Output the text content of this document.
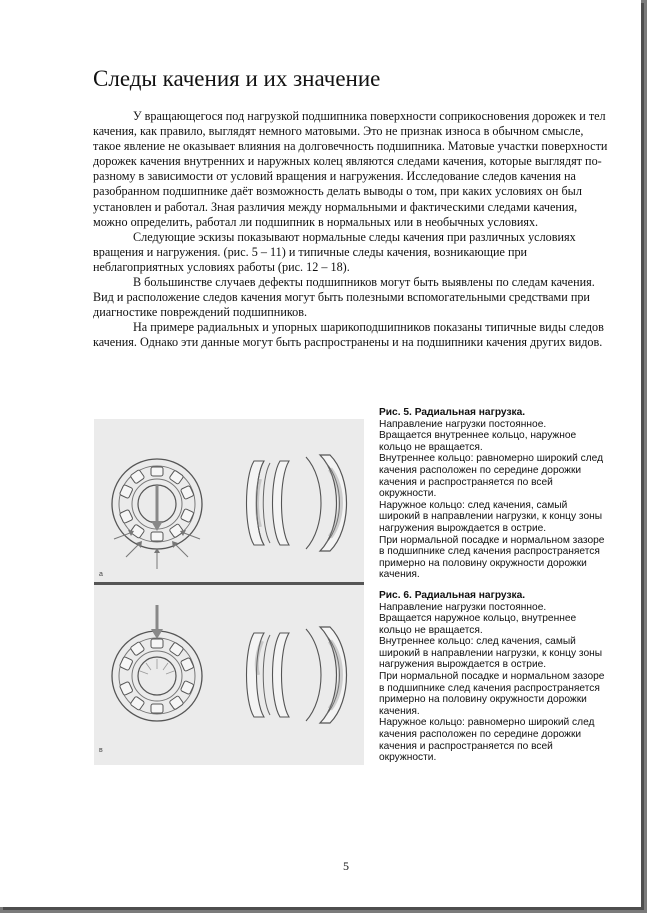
Следы качения и их значение

У вращающегося под нагрузкой подшипника поверхности соприкосновения дорожек и тел качения, как правило, выглядят немного матовыми. Это не признак износа в обычном смысле, такое явление не оказывает влияния на долговечность подшипника. Матовые участки поверхности дорожек качения внутренних и наружных колец являются следами качения, которые выглядят по-разному в зависимости от условий вращения и нагружения. Исследование следов качения на разобранном подшипнике даёт возможность делать выводы о том, при каких условиях он был установлен и работал. Зная различия между нормальными и фактическими следами качения, можно определить, работал ли подшипник в нормальных или в необычных условиях.

Следующие эскизы показывают нормальные следы качения при различных условиях вращения и нагружения. (рис. 5 – 11) и типичные следы качения, возникающие при неблагоприятных условиях работы (рис. 12 – 18).

В большинстве случаев дефекты подшипников могут быть выявлены по следам качения. Вид и расположение следов качения могут быть полезными вспомогательными средствами при диагностике повреждений подшипников.

На примере радиальных и упорных шарикоподшипников показаны типичные виды следов качения. Однако эти данные могут быть распространены и на подшипники качения других видов.

a
в
Рис. 5. Радиальная нагрузка.
Направление нагрузки постоянное.
Вращается внутреннее кольцо, наружное кольцо не вращается.
Внутреннее кольцо: равномерно широкий след качения расположен по середине дорожки качения и распространяется по всей окружности.
Наружное кольцо: след качения, самый широкий в направлении нагрузки, к концу зоны нагружения вырождается в острие.
При нормальной посадке и нормальном зазоре в подшипнике след качения распространяется примерно на половину окружности дорожки качения.
Рис. 6. Радиальная нагрузка.
Направление нагрузки постоянное.
Вращается наружное кольцо, внутреннее кольцо не вращается.
Внутреннее кольцо: след качения, самый широкий в направлении нагрузки, к концу зоны нагружения вырождается в острие.
При нормальной посадке и нормальном зазоре в подшипнике след качения распространяется примерно на половину окружности дорожки качения.
Наружное кольцо: равномерно широкий след качения расположен по середине дорожки качения и распространяется по всей окружности.
5
